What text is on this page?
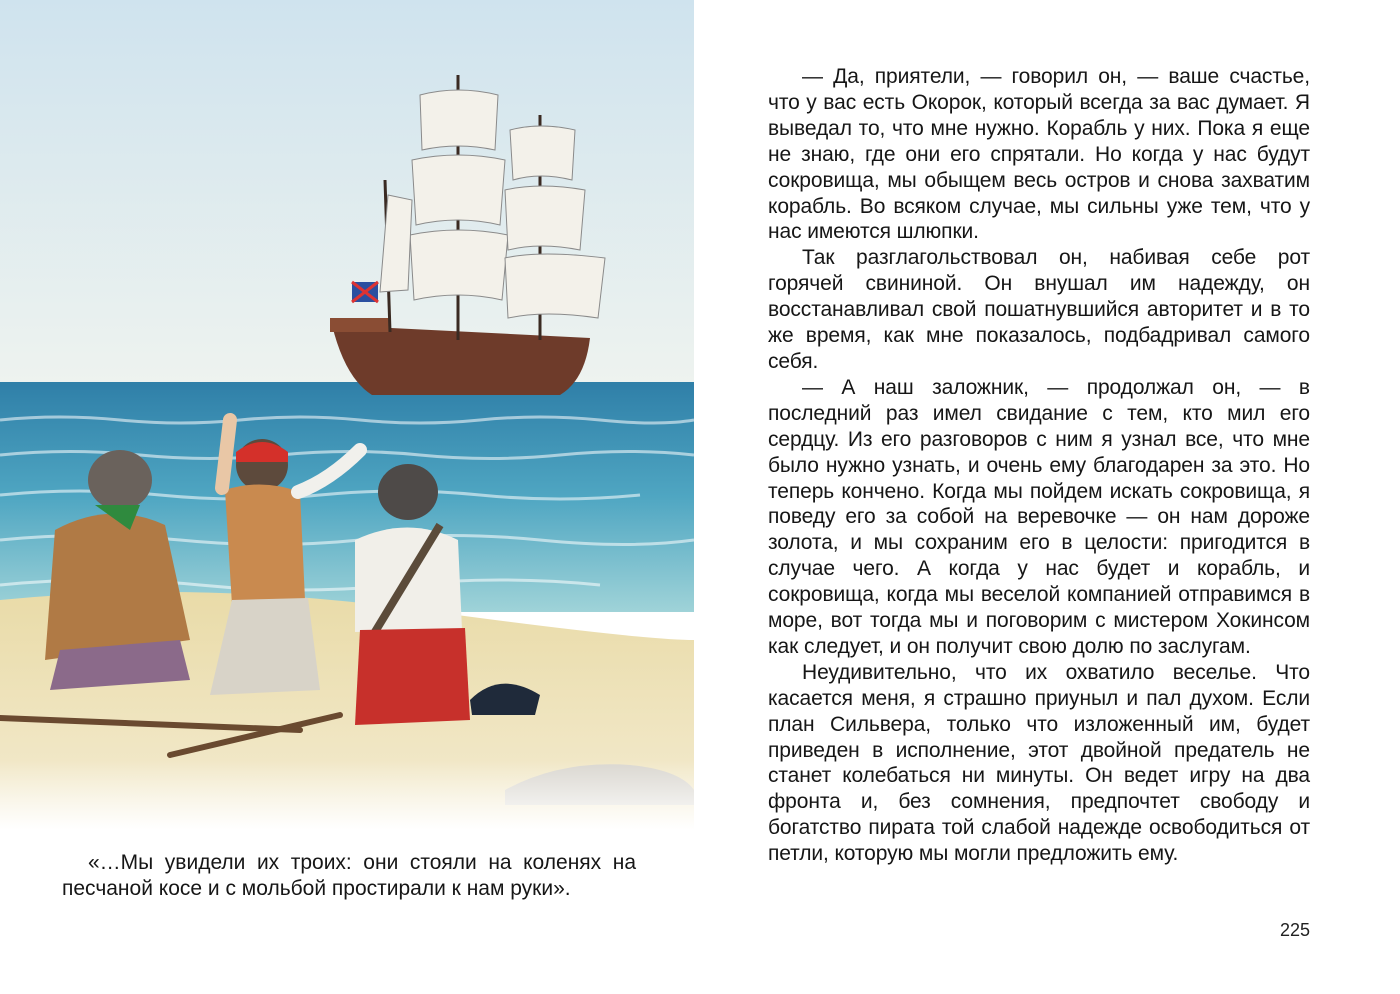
«…Мы увидели их троих: они стояли на коленях на песчаной косе и с мольбой простирали к нам руки».

— Да, приятели, — говорил он, — ваше счастье, что у вас есть Окорок, который всегда за вас думает. Я выведал то, что мне нужно. Корабль у них. Пока я еще не знаю, где они его спрятали. Но когда у нас будут сокровища, мы обыщем весь остров и снова захватим корабль. Во всяком случае, мы сильны уже тем, что у нас имеются шлюпки.

Так разглагольствовал он, набивая себе рот горячей свининой. Он внушал им надежду, он восстанавливал свой пошатнувшийся авторитет и в то же время, как мне показалось, подбадривал самого себя.

— А наш заложник, — продолжал он, — в последний раз имел свидание с тем, кто мил его сердцу. Из его разговоров с ним я узнал все, что мне было нужно узнать, и очень ему благодарен за это. Но теперь кончено. Когда мы пойдем искать сокровища, я поведу его за собой на веревочке — он нам дороже золота, и мы сохраним его в целости: пригодится в случае чего. А когда у нас будет и корабль, и сокровища, когда мы веселой компанией отправимся в море, вот тогда мы и поговорим с мистером Хокинсом как следует, и он получит свою долю по заслугам.

Неудивительно, что их охватило веселье. Что касается меня, я страшно приуныл и пал духом. Если план Сильвера, только что изложенный им, будет приведен в исполнение, этот двойной предатель не станет колебаться ни минуты. Он ведет игру на два фронта и, без сомнения, предпочтет свободу и богатство пирата той слабой надежде освободиться от петли, которую мы могли предложить ему.

225
